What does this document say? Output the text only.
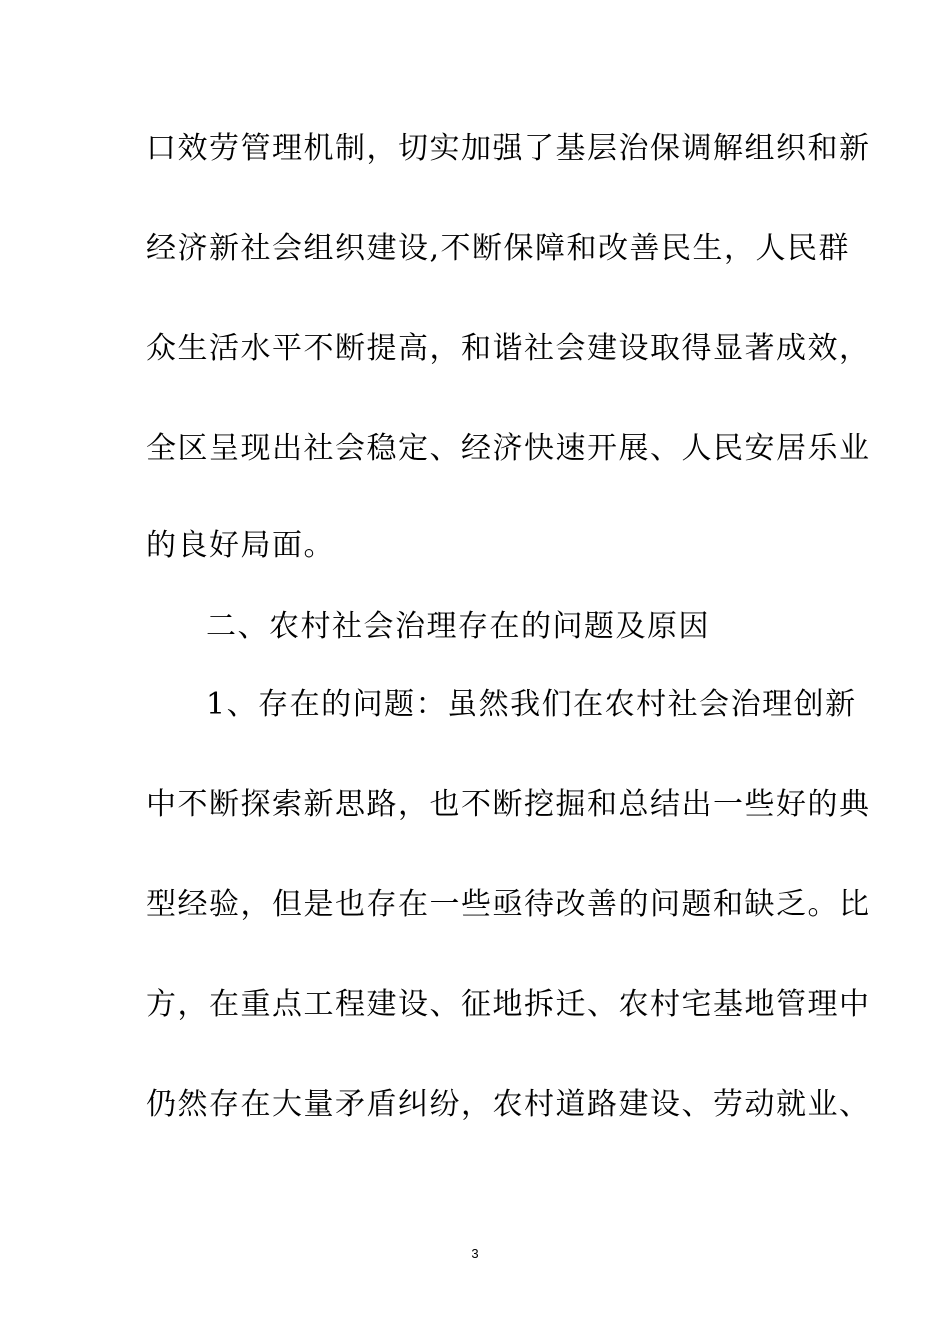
口效劳管理机制，切实加强了基层治保调解组织和新
经济新社会组织建设,不断保障和改善民生，人民群
众生活水平不断提高，和谐社会建设取得显著成效，
全区呈现出社会稳定、经济快速开展、人民安居乐业
的良好局面。
二、农村社会治理存在的问题及原因
1、存在的问题：虽然我们在农村社会治理创新
中不断探索新思路，也不断挖掘和总结出一些好的典
型经验，但是也存在一些亟待改善的问题和缺乏。比
方，在重点工程建设、征地拆迁、农村宅基地管理中
仍然存在大量矛盾纠纷，农村道路建设、劳动就业、
3
